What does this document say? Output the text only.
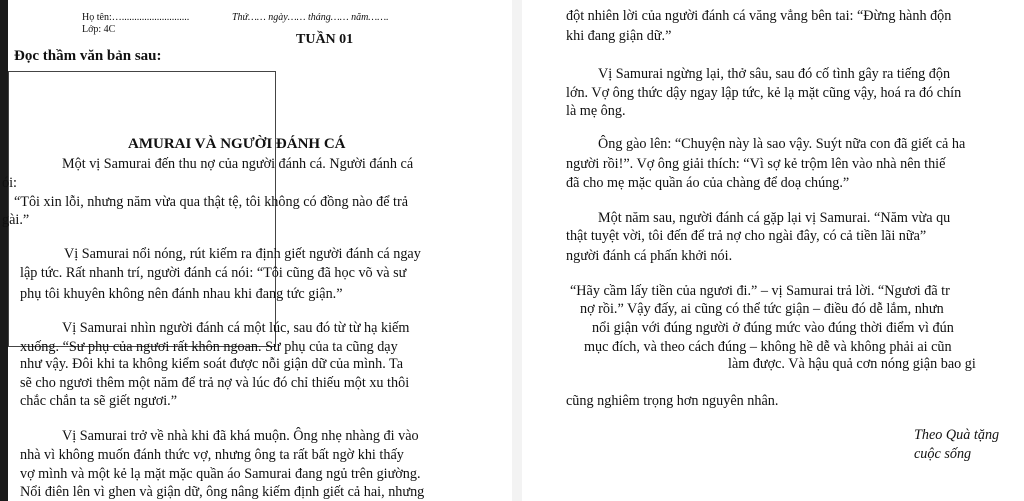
Họ tên:…...........................
Lớp: 4C
Thứ…… ngày…… tháng…… năm…….
TUẦN 01
Đọc thầm văn bản sau:
AMURAI VÀ NGƯỜI ĐÁNH CÁ
Một vị Samurai đến thu nợ của người đánh cá. Người đánh cá
ói:
“Tôi xin lỗi, nhưng năm vừa qua thật tệ, tôi không có đồng nào để trả
gài.”
Vị Samurai nổi nóng, rút kiếm ra định giết người đánh cá ngay
lập tức. Rất nhanh trí, người đánh cá nói: “Tôi cũng đã học võ và sư
phụ tôi khuyên không nên đánh nhau khi đang tức giận.”
Vị Samurai nhìn người đánh cá một lúc, sau đó từ từ hạ kiếm
xuống. “Sư phụ của ngươi rất khôn ngoan. Sư phụ của ta cũng dạy
như vậy. Đôi khi ta không kiểm soát được nỗi giận dữ của mình. Ta
sẽ cho ngươi thêm một năm để trả nợ và lúc đó chỉ thiếu một xu thôi
chắc chắn ta sẽ giết ngươi.”
Vị Samurai trở về nhà khi đã khá muộn. Ông nhẹ nhàng đi vào
nhà vì không muốn đánh thức vợ, nhưng ông ta rất bất ngờ khi thấy
vợ mình và một kẻ lạ mặt mặc quần áo Samurai đang ngủ trên giường.
Nổi điên lên vì ghen và giận dữ, ông nâng kiếm định giết cả hai, nhưng
đột nhiên lời của người đánh cá văng vẳng bên tai: “Đừng hành độn
khi đang giận dữ.”
Vị Samurai ngừng lại, thở sâu, sau đó cố tình gây ra tiếng độn
lớn. Vợ ông thức dậy ngay lập tức, kẻ lạ mặt cũng vậy, hoá ra đó chín
là mẹ ông.
Ông gào lên: “Chuyện này là sao vậy. Suýt nữa con đã giết cả ha
người rồi!”. Vợ ông giải thích: “Vì sợ kẻ trộm lên vào nhà nên thiế
đã cho mẹ mặc quần áo của chàng để doạ chúng.”
Một năm sau, người đánh cá gặp lại vị Samurai. “Năm vừa qu
thật tuyệt vời, tôi đến để trả nợ cho ngài đây, có cả tiền lãi nữa”
người đánh cá phấn khởi nói.
“Hãy cầm lấy tiền của ngươi đi.” – vị Samurai trả lời. “Ngươi đã tr
nợ rồi.” Vậy đấy, ai cũng có thể tức giận – điều đó dễ lắm, nhưn
nổi giận với đúng người ở đúng mức vào đúng thời điểm vì đún
mục đích, và theo cách đúng – không hề dễ và không phải ai cũn
làm được. Và hậu quả cơn nóng giận bao gi
cũng nghiêm trọng hơn nguyên nhân.
Theo Quà tặng
cuộc sống
